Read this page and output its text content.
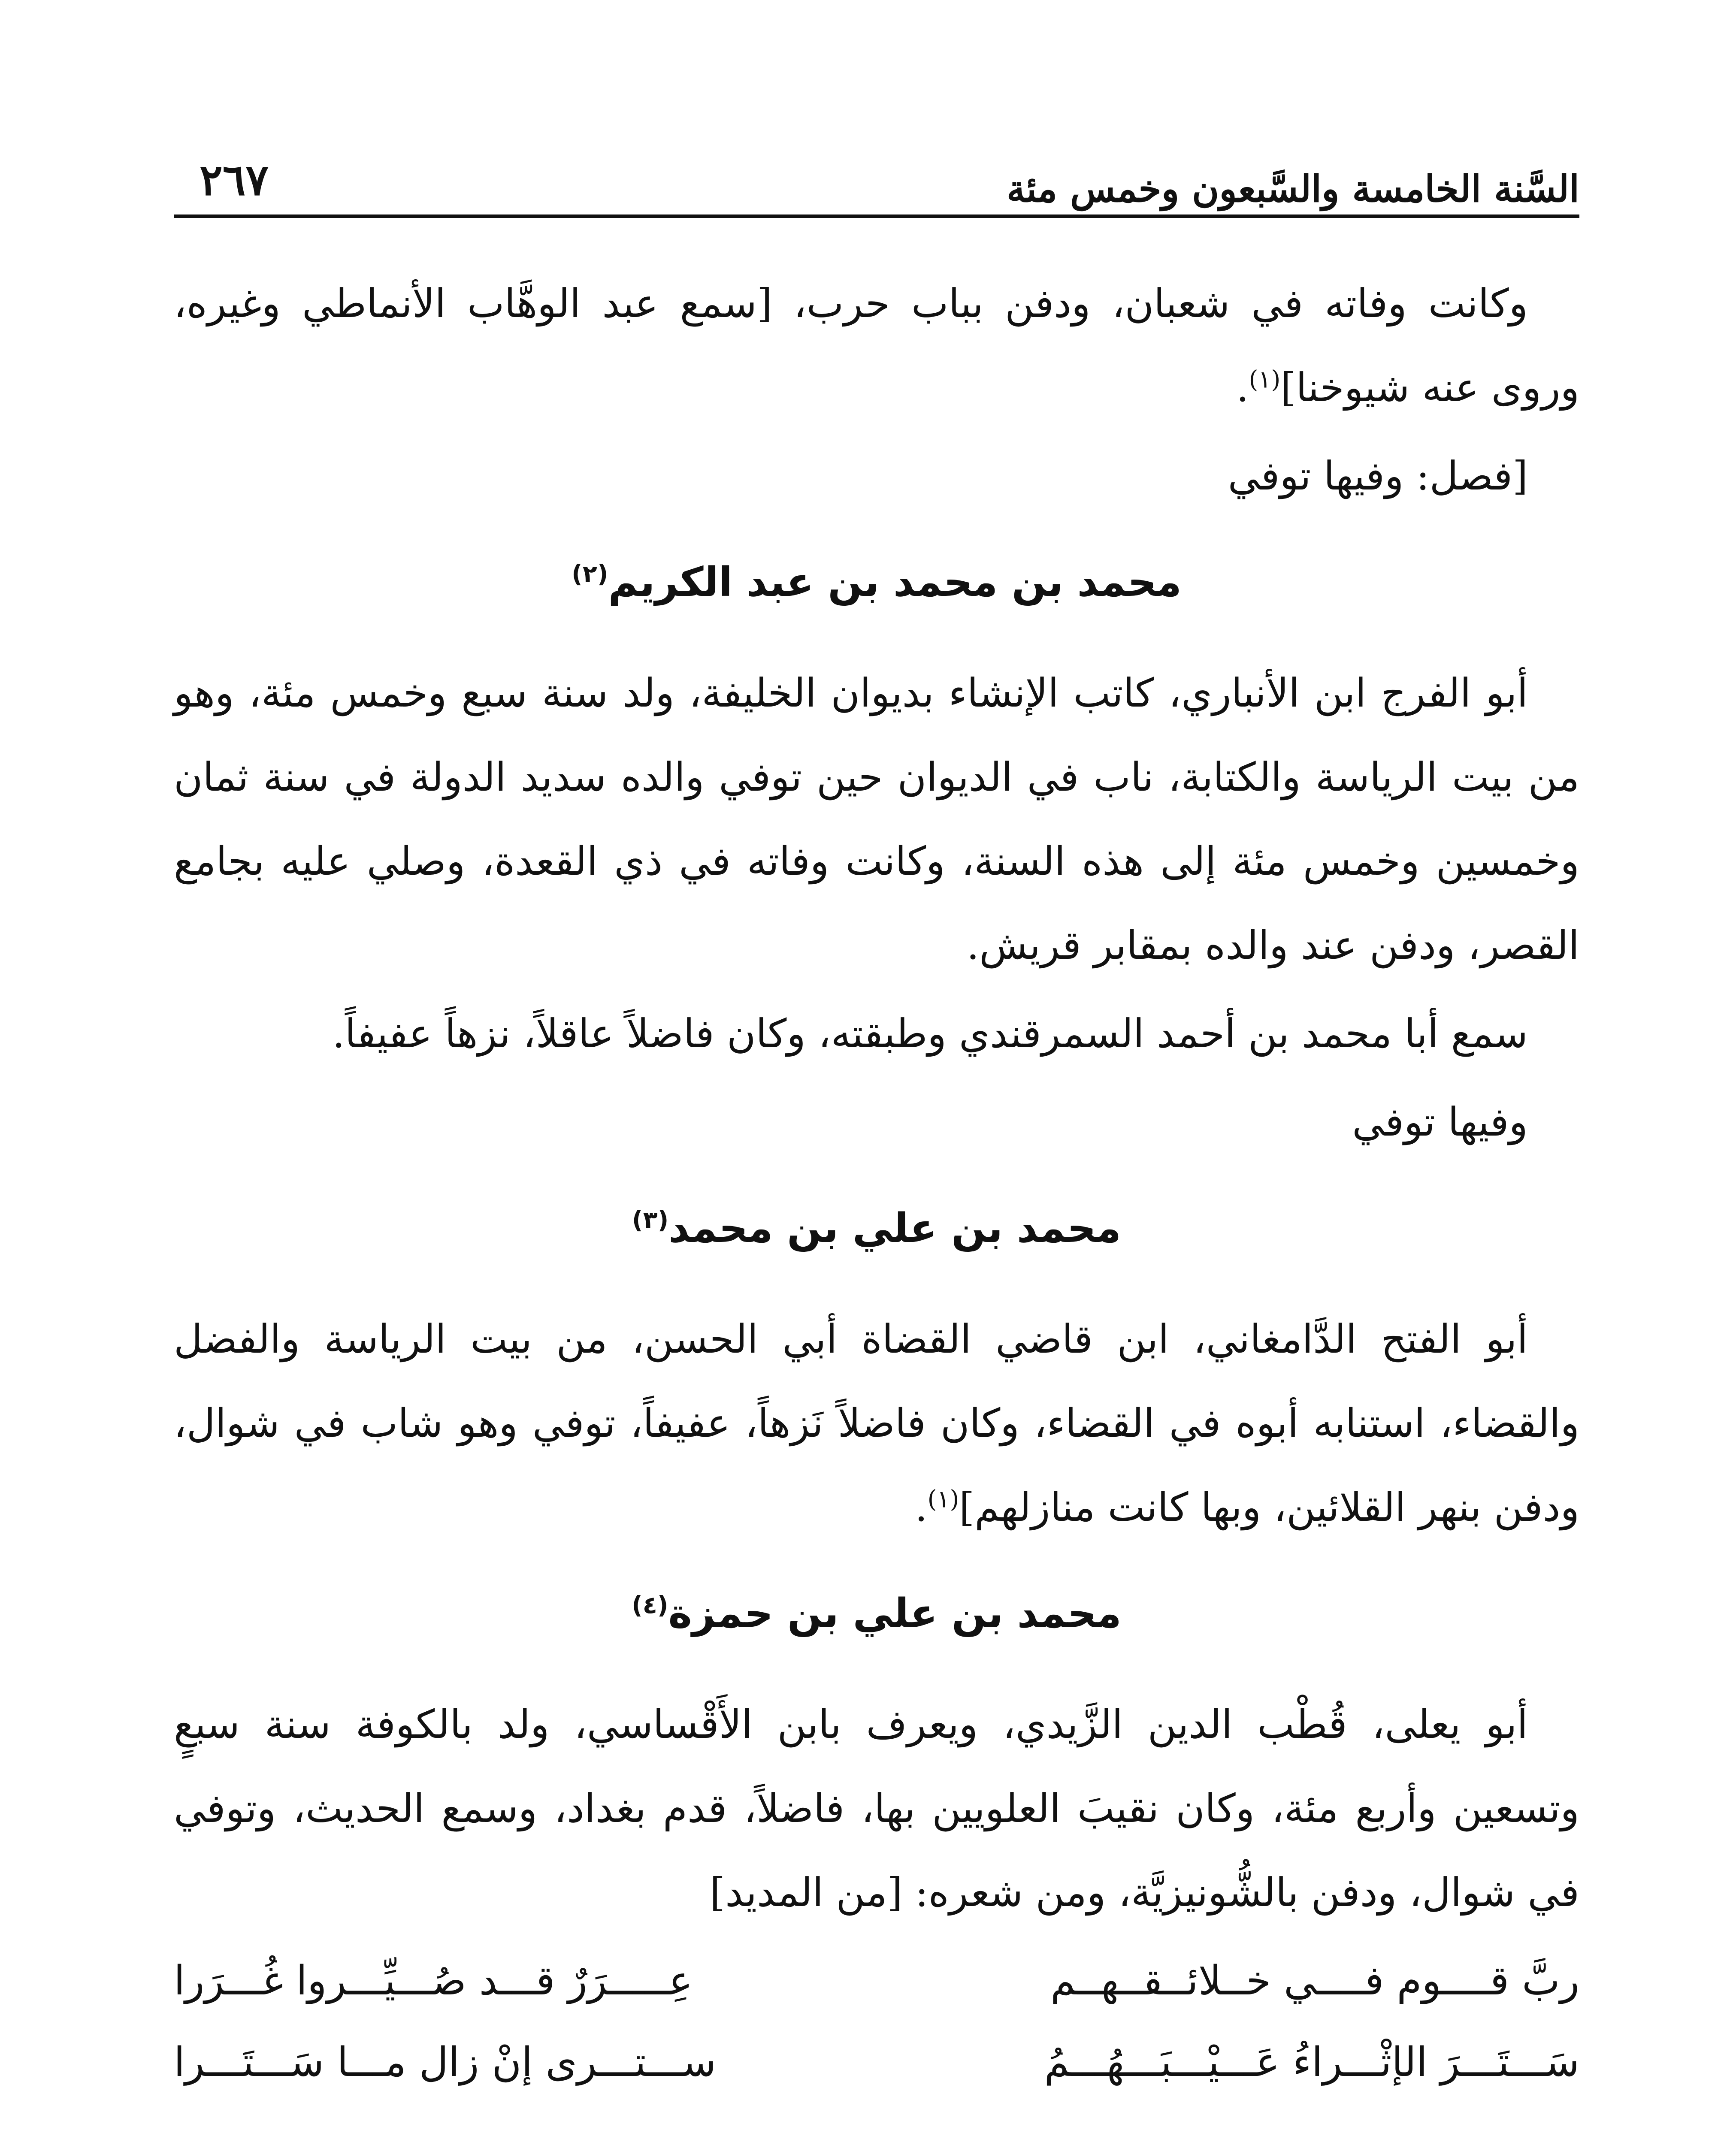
السَّنة الخامسة والسَّبعون وخمس مئة
٢٦٧

وكانت وفاته في شعبان، ودفن بباب حرب، [سمع عبد الوهَّاب الأنماطي وغيره، وروى عنه شيوخنا]$^{(١)}$.

[فصل: وفيها توفي

محمد بن محمد بن عبد الكريم$^{(٢)}$

أبو الفرج ابن الأنباري، كاتب الإنشاء بديوان الخليفة، ولد سنة سبع وخمس مئة، وهو من بيت الرياسة والكتابة، ناب في الديوان حين توفي والده سديد الدولة في سنة ثمان وخمسين وخمس مئة إلى هذه السنة، وكانت وفاته في ذي القعدة، وصلي عليه بجامع القصر، ودفن عند والده بمقابر قريش.

سمع أبا محمد بن أحمد السمرقندي وطبقته، وكان فاضلاً عاقلاً، نزهاً عفيفاً.

وفيها توفي

محمد بن علي بن محمد$^{(٣)}$

أبو الفتح الدَّامغاني، ابن قاضي القضاة أبي الحسن، من بيت الرياسة والفضل والقضاء، استنابه أبوه في القضاء، وكان فاضلاً نَزهاً، عفيفاً، توفي وهو شاب في شوال، ودفن بنهر القلائين، وبها كانت منازلهم]$^{(١)}$.

محمد بن علي بن حمزة$^{(٤)}$

أبو يعلى، قُطْب الدين الزَّيدي، ويعرف بابن الأَقْساسي، ولد بالكوفة سنة سبعٍ وتسعين وأربع مئة، وكان نقيبَ العلويين بها، فاضلاً، قدم بغداد، وسمع الحديث، وتوفي في شوال، ودفن بالشُّونيزيَّة، ومن شعره: [من المديد]

ربَّ قــــوم فــــي خــلائــقــهــم
عِـــــرَرٌ قـــد صُـــيِّـــروا غُـــرَرا
سَـــتَـــرَ الإثْـــراءُ عَـــيْـــبَـــهُـــمُ
ســـتـــرى إنْ زال مـــا سَـــتَـــرا
